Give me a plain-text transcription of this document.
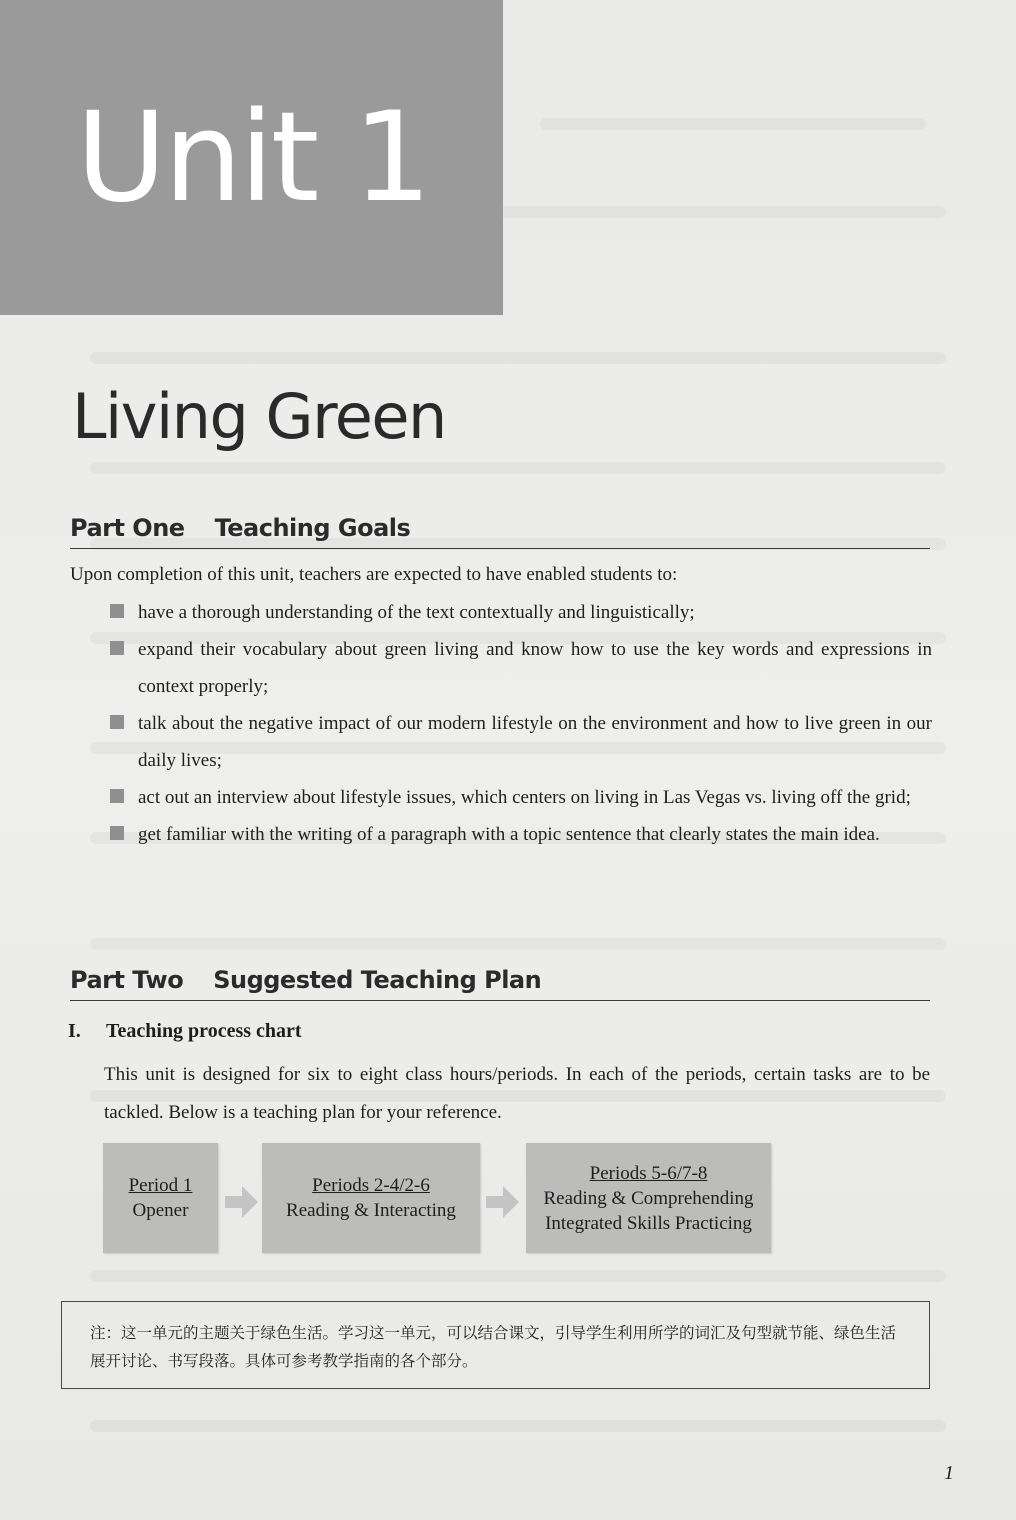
Unit 1
Living Green
Part One Teaching Goals

Upon completion of this unit, teachers are expected to have enabled students to:

have a thorough understanding of the text contextually and linguistically;
expand their vocabulary about green living and know how to use the key words and expressions in context properly;
talk about the negative impact of our modern lifestyle on the environment and how to live green in our daily lives;
act out an interview about lifestyle issues, which centers on living in Las Vegas vs. living off the grid;
get familiar with the writing of a paragraph with a topic sentence that clearly states the main idea.
Part Two Suggested Teaching Plan
I. Teaching process chart

This unit is designed for six to eight class hours/periods. In each of the periods, certain tasks are to be tackled. Below is a teaching plan for your reference.

Period 1
Opener
Periods 2-4/2-6
Reading & Interacting
Periods 5-6/7-8
Reading & Comprehending
Integrated Skills Practicing
注：这一单元的主题关于绿色生活。学习这一单元，可以结合课文，引导学生利用所学的词汇及句型就节能、绿色生活展开讨论、书写段落。具体可参考教学指南的各个部分。
1
